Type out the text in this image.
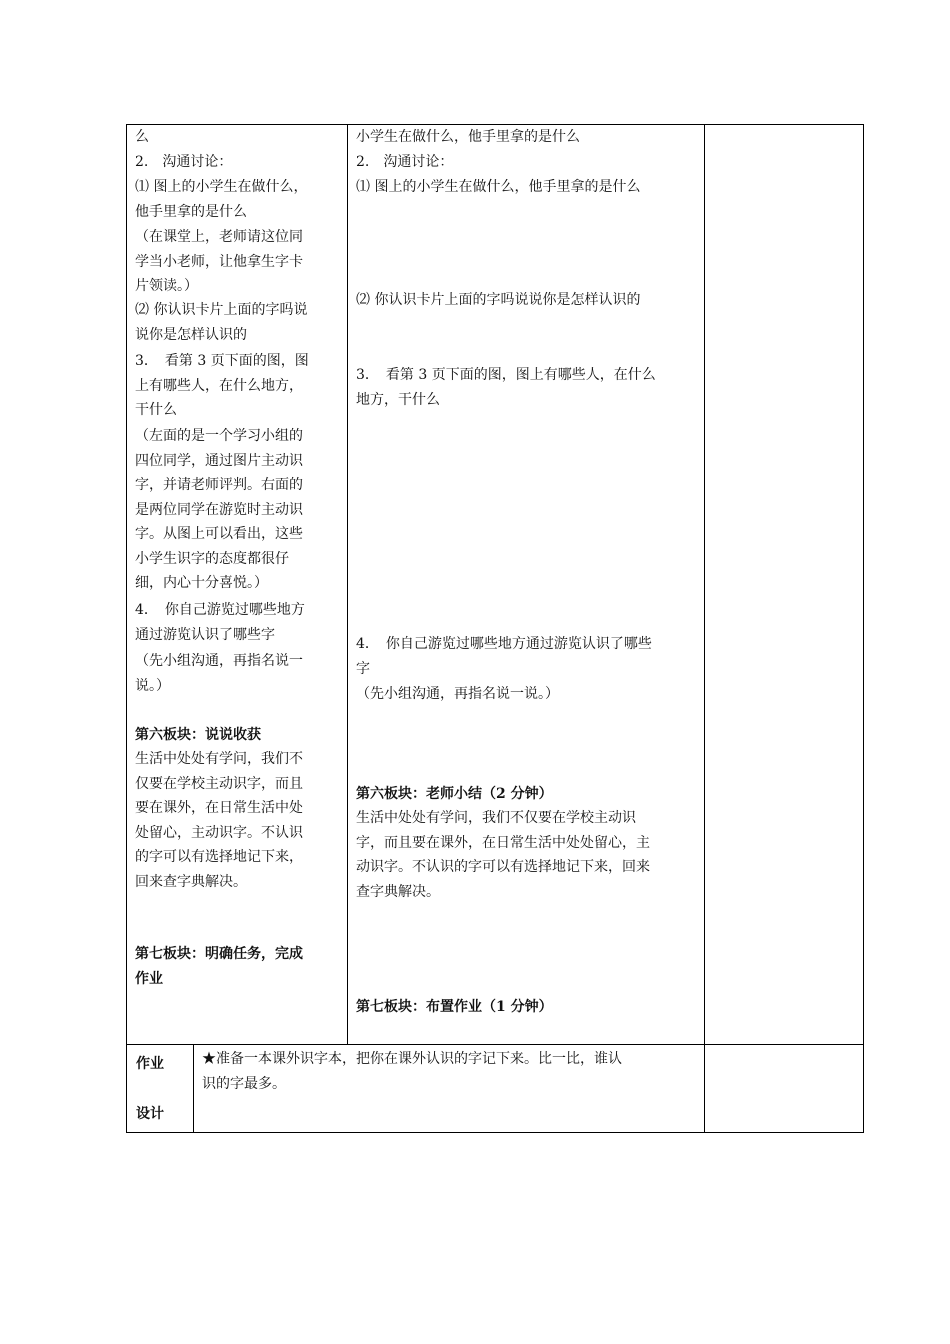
么
2.　沟通讨论：
⑴ 图上的小学生在做什么，
他手里拿的是什么
（在课堂上，老师请这位同
学当小老师，让他拿生字卡
片领读。）
⑵ 你认识卡片上面的字吗说
说你是怎样认识的
3．　看第 3 页下面的图，图
上有哪些人，在什么地方，
干什么
（左面的是一个学习小组的
四位同学，通过图片主动识
字，并请老师评判。右面的
是两位同学在游览时主动识
字。从图上可以看出，这些
小学生识字的态度都很仔
细，内心十分喜悦。）
4．　你自己游览过哪些地方
通过游览认识了哪些字
（先小组沟通，再指名说一
说。）
第六板块：说说收获
生活中处处有学问，我们不
仅要在学校主动识字，而且
要在课外，在日常生活中处
处留心，主动识字。不认识
的字可以有选择地记下来，
回来查字典解决。
第七板块：明确任务，完成
作业
小学生在做什么，他手里拿的是什么
2.　沟通讨论：
⑴ 图上的小学生在做什么，他手里拿的是什么
⑵ 你认识卡片上面的字吗说说你是怎样认识的
3．　看第 3 页下面的图，图上有哪些人，在什么
地方，干什么
4．　你自己游览过哪些地方通过游览认识了哪些
字
（先小组沟通，再指名说一说。）
第六板块：老师小结（2 分钟）
生活中处处有学问，我们不仅要在学校主动识
字，而且要在课外，在日常生活中处处留心，主
动识字。不认识的字可以有选择地记下来，回来
查字典解决。
第七板块：布置作业（1 分钟）
作业
设计
★准备一本课外识字本，把你在课外认识的字记下来。比一比，谁认
识的字最多。
